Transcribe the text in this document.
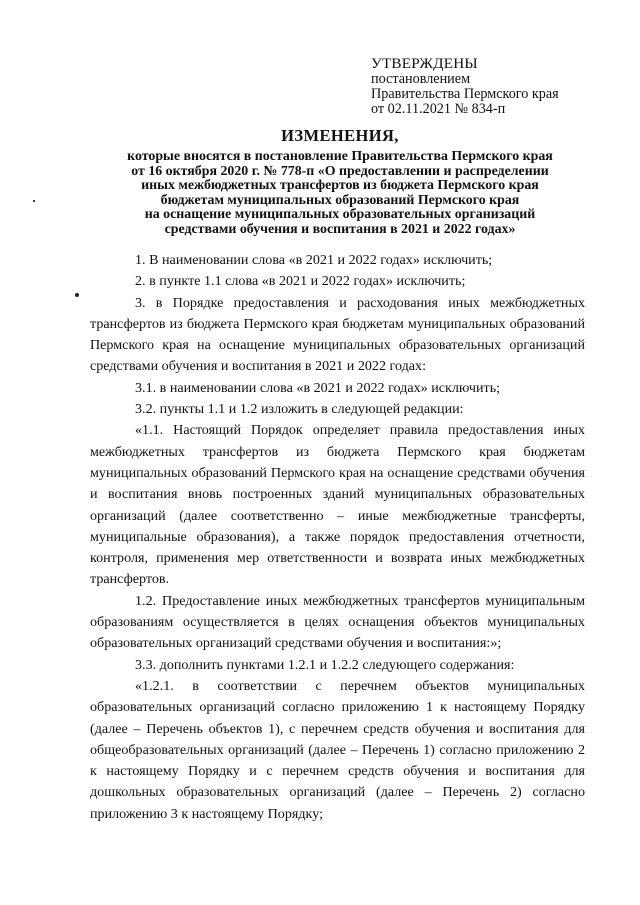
УТВЕРЖДЕНЫ
постановлением
Правительства Пермского края
от 02.11.2021 № 834-п
ИЗМЕНЕНИЯ,
которые вносятся в постановление Правительства Пермского края
от 16 октября 2020 г. № 778-п «О предоставлении и распределении
иных межбюджетных трансфертов из бюджета Пермского края
бюджетам муниципальных образований Пермского края
на оснащение муниципальных образовательных организаций
средствами обучения и воспитания в 2021 и 2022 годах»

1. В наименовании слова «в 2021 и 2022 годах» исключить;

2. в пункте 1.1 слова «в 2021 и 2022 годах» исключить;

3. в Порядке предоставления и расходования иных межбюджетных трансфертов из бюджета Пермского края бюджетам муниципальных образований Пермского края на оснащение муниципальных образовательных организаций средствами обучения и воспитания в 2021 и 2022 годах:

3.1. в наименовании слова «в 2021 и 2022 годах» исключить;

3.2. пункты 1.1 и 1.2 изложить в следующей редакции:

«1.1. Настоящий Порядок определяет правила предоставления иных межбюджетных трансфертов из бюджета Пермского края бюджетам муниципальных образований Пермского края на оснащение средствами обучения и воспитания вновь построенных зданий муниципальных образовательных организаций (далее соответственно – иные межбюджетные трансферты, муниципальные образования), а также порядок предоставления отчетности, контроля, применения мер ответственности и возврата иных межбюджетных трансфертов.

1.2. Предоставление иных межбюджетных трансфертов муниципальным образованиям осуществляется в целях оснащения объектов муниципальных образовательных организаций средствами обучения и воспитания:»;

3.3. дополнить пунктами 1.2.1 и 1.2.2 следующего содержания:

«1.2.1. в соответствии с перечнем объектов муниципальных образовательных организаций согласно приложению 1 к настоящему Порядку (далее – Перечень объектов 1), с перечнем средств обучения и воспитания для общеобразовательных организаций (далее – Перечень 1) согласно приложению 2 к настоящему Порядку и с перечнем средств обучения и воспитания для дошкольных образовательных организаций (далее – Перечень 2) согласно приложению 3 к настоящему Порядку;
